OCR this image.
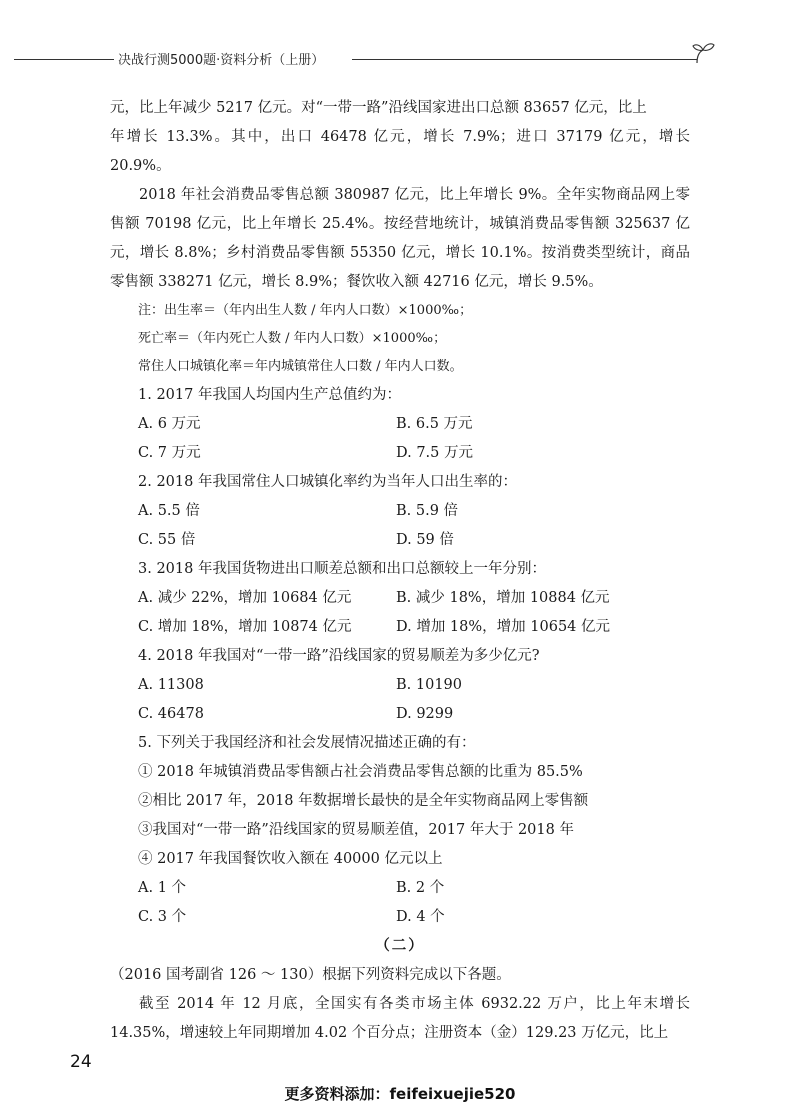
决战行测5000题·资料分析（上册）

元，比上年减少 5217 亿元。对“一带一路”沿线国家进出口总额 83657 亿元，比上

年增长 13.3%。其中，出口 46478 亿元，增长 7.9%；进口 37179 亿元，增长 20.9%。

2018 年社会消费品零售总额 380987 亿元，比上年增长 9%。全年实物商品网上零售额 70198 亿元，比上年增长 25.4%。按经营地统计，城镇消费品零售额 325637 亿元，增长 8.8%；乡村消费品零售额 55350 亿元，增长 10.1%。按消费类型统计，商品零售额 338271 亿元，增长 8.9%；餐饮收入额 42716 亿元，增长 9.5%。

注：出生率＝（年内出生人数 / 年内人口数）×1000‰；

死亡率＝（年内死亡人数 / 年内人口数）×1000‰；

常住人口城镇化率＝年内城镇常住人口数 / 年内人口数。

1. 2017 年我国人均国内生产总值约为：

A. 6 万元	B. 6.5 万元
C. 7 万元	D. 7.5 万元

2. 2018 年我国常住人口城镇化率约为当年人口出生率的：

A. 5.5 倍	B. 5.9 倍
C. 55 倍	D. 59 倍

3. 2018 年我国货物进出口顺差总额和出口总额较上一年分别：

A. 减少 22%，增加 10684 亿元	B. 减少 18%，增加 10884 亿元
C. 增加 18%，增加 10874 亿元	D. 增加 18%，增加 10654 亿元

4. 2018 年我国对“一带一路”沿线国家的贸易顺差为多少亿元?

A. 11308	B. 10190
C. 46478	D. 9299

5. 下列关于我国经济和社会发展情况描述正确的有：

① 2018 年城镇消费品零售额占社会消费品零售总额的比重为 85.5%

②相比 2017 年，2018 年数据增长最快的是全年实物商品网上零售额

③我国对“一带一路”沿线国家的贸易顺差值，2017 年大于 2018 年

④ 2017 年我国餐饮收入额在 40000 亿元以上

A. 1 个	B. 2 个
C. 3 个	D. 4 个

（二）

（2016 国考副省 126 ～ 130）根据下列资料完成以下各题。

截至 2014 年 12 月底，全国实有各类市场主体 6932.22 万户，比上年末增长 14.35%，增速较上年同期增加 4.02 个百分点；注册资本（金）129.23 万亿元，比上

24
更多资料添加：feifeixuejie520
